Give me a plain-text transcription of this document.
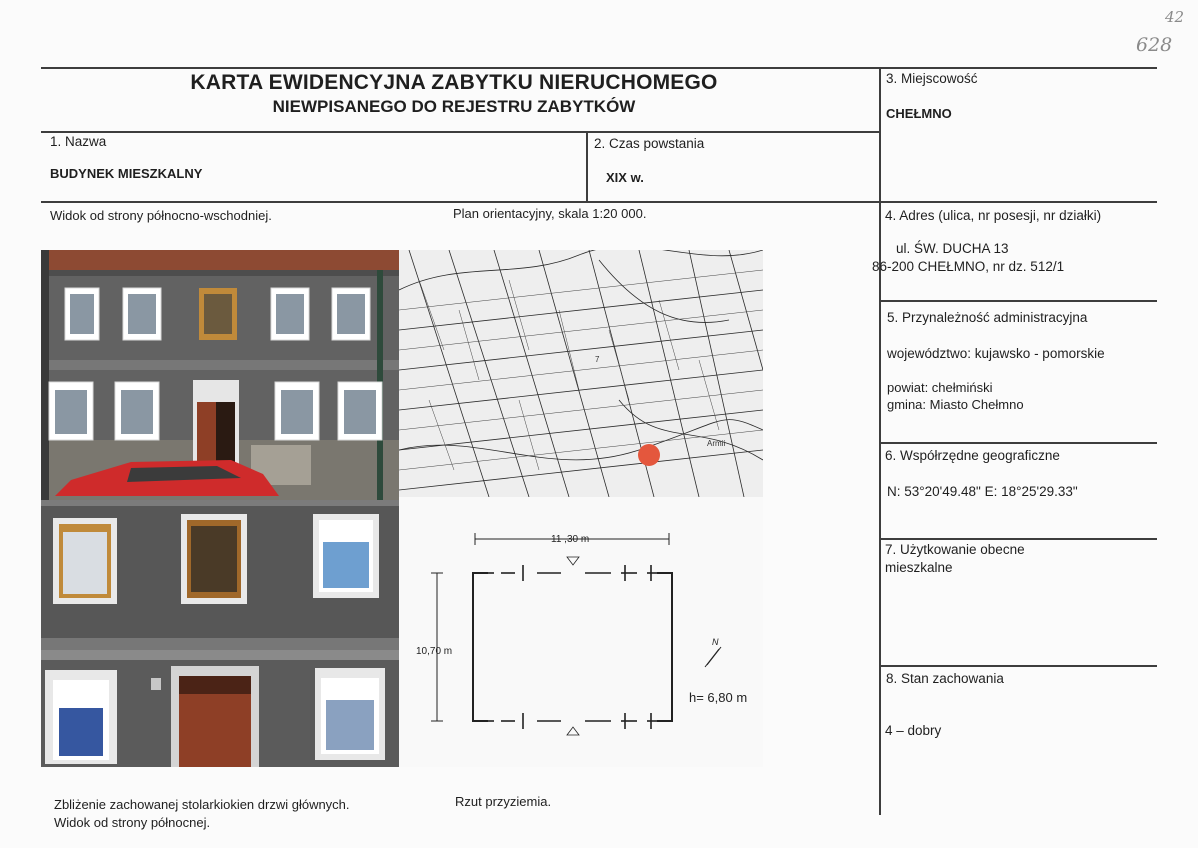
42
628
KARTA EWIDENCYJNA ZABYTKU NIERUCHOMEGO
NIEWPISANEGO DO REJESTRU ZABYTKÓW
1. Nazwa
BUDYNEK MIESZKALNY
2. Czas powstania
XIX w.
3. Miejscowość
CHEŁMNO
4. Adres (ulica, nr posesji, nr działki)
ul. ŚW. DUCHA 13
86-200 CHEŁMNO, nr dz. 512/1
5. Przynależność administracyjna
województwo: kujawsko - pomorskie
powiat: chełmiński
gmina: Miasto Chełmno
6. Współrzędne geograficzne
N: 53°20'49.48" E: 18°25'29.33"
7. Użytkowanie obecne
mieszkalne
8. Stan zachowania
4 – dobry
Widok od strony północno-wschodniej.	Plan orientacyjny, skala 1:20 000.
Zbliżenie zachowanej stolarkiokien drzwi głównych.
Widok od strony północnej.
Rzut przyziemia.
Armii
7
11 ,30 m
10,70 m
h= 6,80 m
N
